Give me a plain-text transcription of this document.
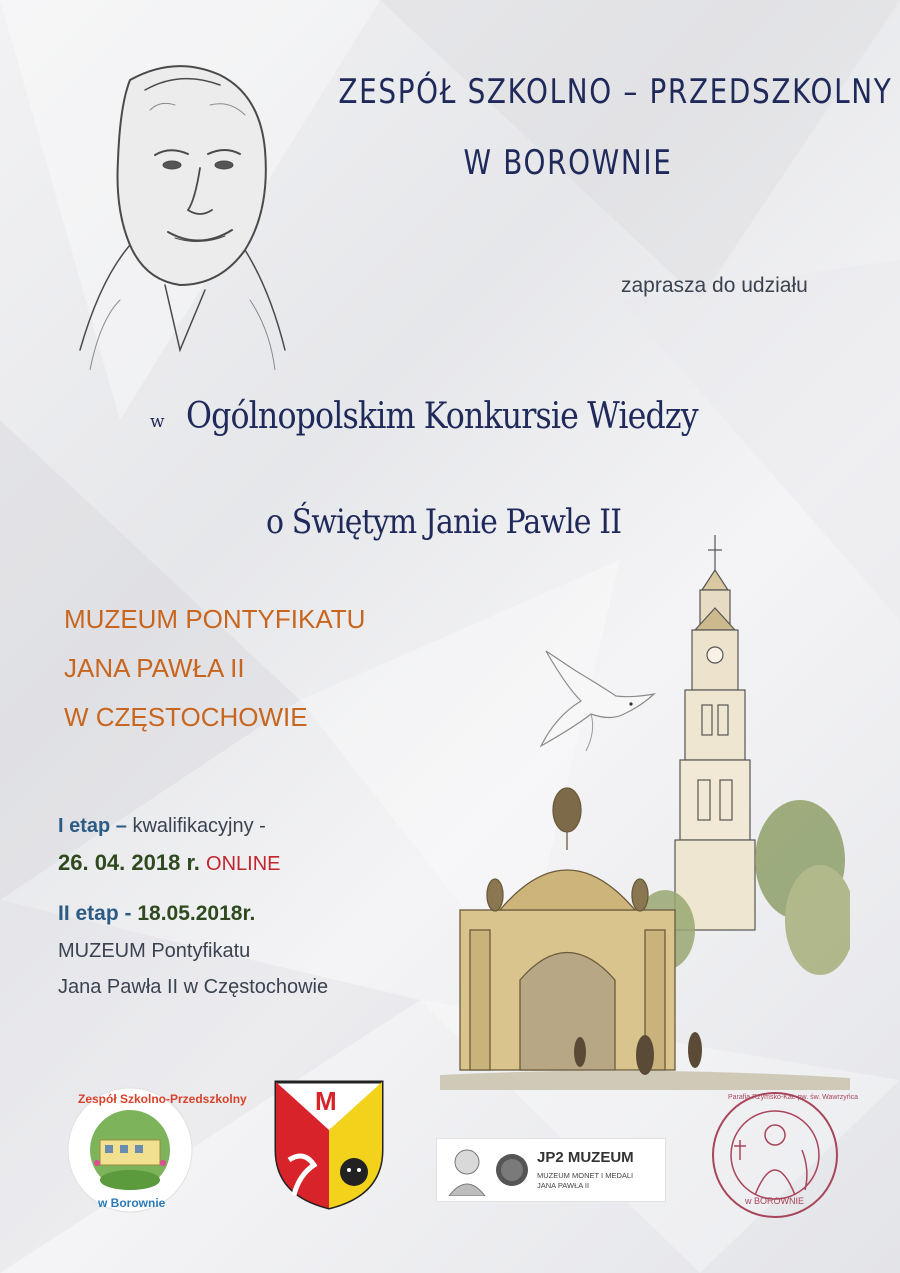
ZESPÓŁ SZKOLNO – PRZEDSZKOLNY
W BOROWNIE
zaprasza do udziału
w Ogólnopolskim Konkursie Wiedzy
o Świętym Janie Pawle II
MUZEUM PONTYFIKATU
JANA PAWŁA II
W CZĘSTOCHOWIE
I etap – kwalifikacyjny -
26. 04. 2018 r. ONLINE
II etap - 18.05.2018r.
MUZEUM Pontyfikatu
Jana Pawła II w Częstochowie
Zespół Szkolno-Przedszkolny
w Borownie
M
JP2 MUZEUM
MUZEUM MONET I MEDALI
JANA PAWŁA II
Parafia Rzymsko-Kat. pw. św. Wawrzyńca
w BOROWNIE
